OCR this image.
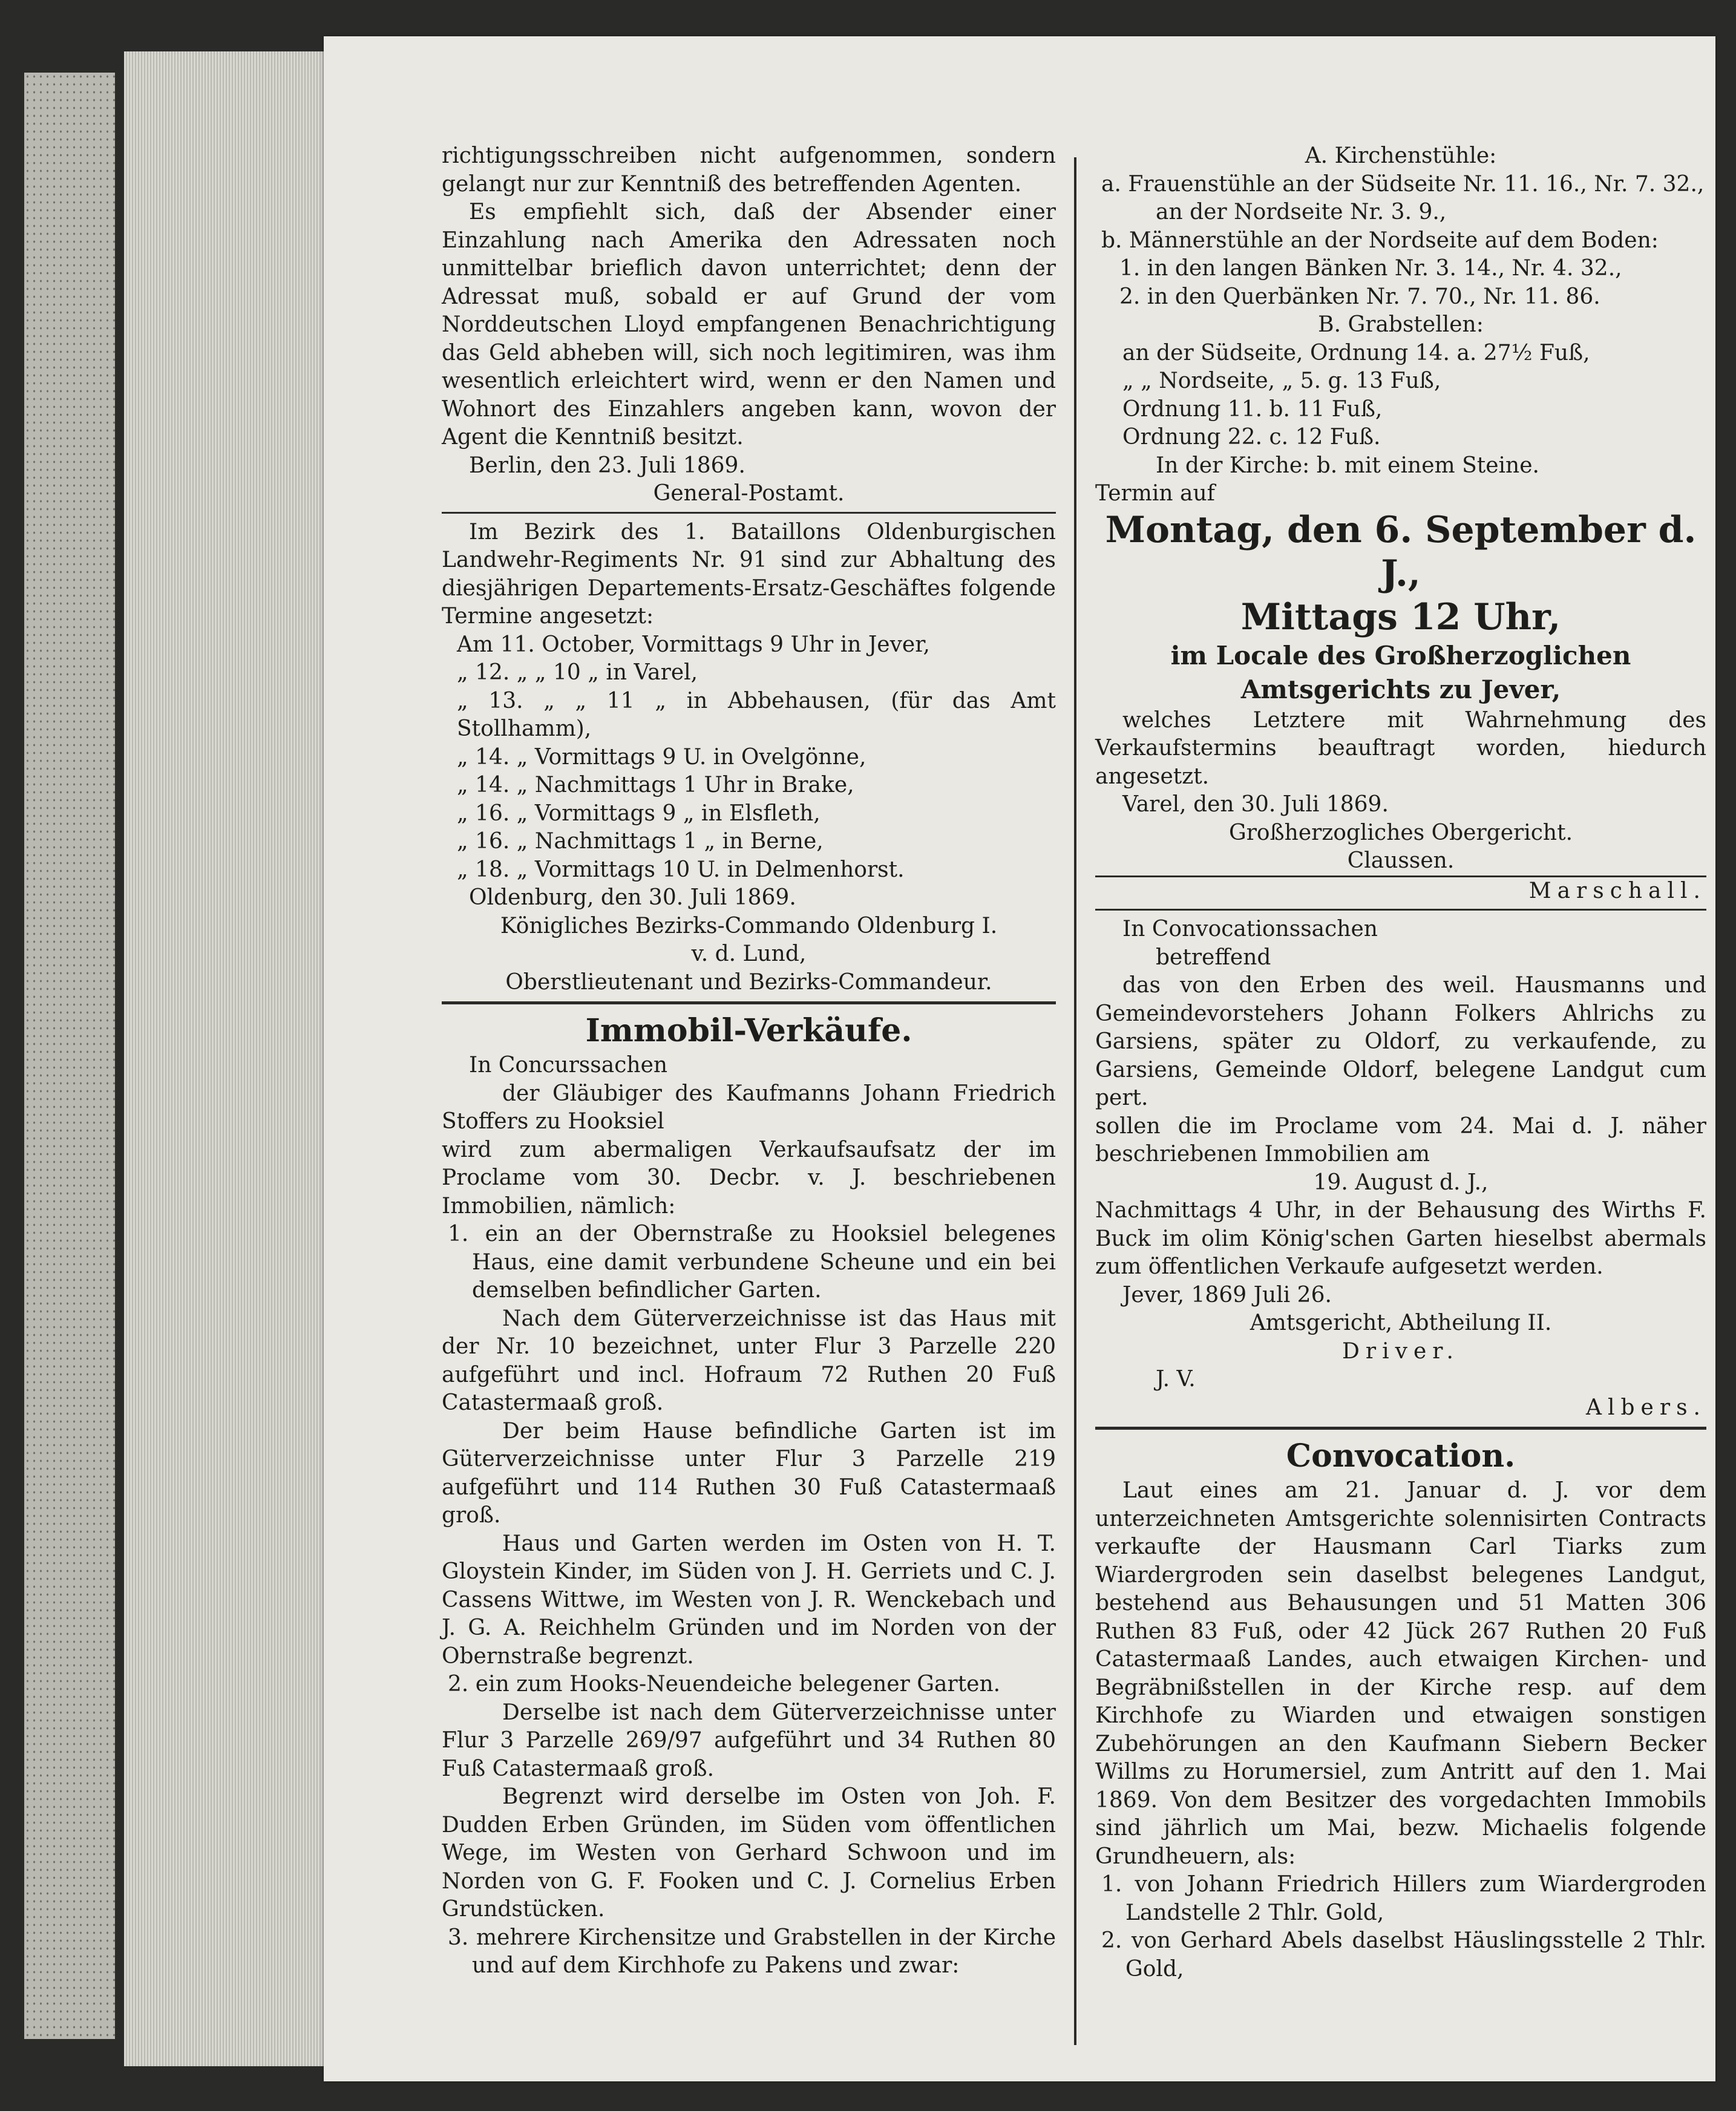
richtigungsschreiben nicht aufgenommen, sondern gelangt nur zur Kenntniß des betreffenden Agenten.

Es empfiehlt sich, daß der Absender einer Einzahlung nach Amerika den Adressaten noch unmittelbar brieflich davon unterrichtet; denn der Adressat muß, sobald er auf Grund der vom Norddeutschen Lloyd empfangenen Benachrichtigung das Geld abheben will, sich noch legitimiren, was ihm wesentlich erleichtert wird, wenn er den Namen und Wohnort des Einzahlers angeben kann, wovon der Agent die Kenntniß besitzt.

Berlin, den 23. Juli 1869.

General-Postamt.

Im Bezirk des 1. Bataillons Oldenburgischen Landwehr-Regiments Nr. 91 sind zur Abhaltung des diesjährigen Departements-Ersatz-Geschäftes folgende Termine angesetzt:

Am 11. October, Vormittags 9 Uhr in Jever,

„ 12. „ „ 10 „ in Varel,

„ 13. „ „ 11 „ in Abbehausen, (für das Amt Stollhamm),

„ 14. „ Vormittags 9 U. in Ovelgönne,

„ 14. „ Nachmittags 1 Uhr in Brake,

„ 16. „ Vormittags 9 „ in Elsfleth,

„ 16. „ Nachmittags 1 „ in Berne,

„ 18. „ Vormittags 10 U. in Delmenhorst.

Oldenburg, den 30. Juli 1869.

Königliches Bezirks-Commando Oldenburg I.

v. d. Lund,

Oberstlieutenant und Bezirks-Commandeur.

Immobil-Verkäufe.

In Concurssachen

der Gläubiger des Kaufmanns Johann Friedrich Stoffers zu Hooksiel

wird zum abermaligen Verkaufsaufsatz der im Proclame vom 30. Decbr. v. J. beschriebenen Immobilien, nämlich:

1. ein an der Obernstraße zu Hooksiel belegenes Haus, eine damit verbundene Scheune und ein bei demselben befindlicher Garten.

Nach dem Güterverzeichnisse ist das Haus mit der Nr. 10 bezeichnet, unter Flur 3 Parzelle 220 aufgeführt und incl. Hofraum 72 Ruthen 20 Fuß Catastermaaß groß.

Der beim Hause befindliche Garten ist im Güterverzeichnisse unter Flur 3 Parzelle 219 aufgeführt und 114 Ruthen 30 Fuß Catastermaaß groß.

Haus und Garten werden im Osten von H. T. Gloystein Kinder, im Süden von J. H. Gerriets und C. J. Cassens Wittwe, im Westen von J. R. Wenckebach und J. G. A. Reichhelm Gründen und im Norden von der Obernstraße begrenzt.

2. ein zum Hooks-Neuendeiche belegener Garten.

Derselbe ist nach dem Güterverzeichnisse unter Flur 3 Parzelle 269/97 aufgeführt und 34 Ruthen 80 Fuß Catastermaaß groß.

Begrenzt wird derselbe im Osten von Joh. F. Dudden Erben Gründen, im Süden vom öffentlichen Wege, im Westen von Gerhard Schwoon und im Norden von G. F. Fooken und C. J. Cornelius Erben Grundstücken.

3. mehrere Kirchensitze und Grabstellen in der Kirche und auf dem Kirchhofe zu Pakens und zwar:

A. Kirchenstühle:

a. Frauenstühle an der Südseite Nr. 11. 16., Nr. 7. 32.,

an der Nordseite Nr. 3. 9.,

b. Männerstühle an der Nordseite auf dem Boden:

1. in den langen Bänken Nr. 3. 14., Nr. 4. 32.,

2. in den Querbänken Nr. 7. 70., Nr. 11. 86.

B. Grabstellen:

an der Südseite, Ordnung 14. a. 27½ Fuß,

„ „ Nordseite, „ 5. g. 13 Fuß,

Ordnung 11. b. 11 Fuß,

Ordnung 22. c. 12 Fuß.

In der Kirche: b. mit einem Steine.

Termin auf

Montag, den 6. September d. J.,
Mittags 12 Uhr,
im Locale des Großherzoglichen Amtsgerichts zu Jever,

welches Letztere mit Wahrnehmung des Verkaufstermins beauftragt worden, hiedurch angesetzt.

Varel, den 30. Juli 1869.

Großherzogliches Obergericht.

Claussen.

Marschall.

In Convocationssachen

betreffend

das von den Erben des weil. Hausmanns und Gemeindevorstehers Johann Folkers Ahlrichs zu Garsiens, später zu Oldorf, zu verkaufende, zu Garsiens, Gemeinde Oldorf, belegene Landgut cum pert.

sollen die im Proclame vom 24. Mai d. J. näher beschriebenen Immobilien am

19. August d. J.,

Nachmittags 4 Uhr, in der Behausung des Wirths F. Buck im olim König'schen Garten hieselbst abermals zum öffentlichen Verkaufe aufgesetzt werden.

Jever, 1869 Juli 26.

Amtsgericht, Abtheilung II.

Driver.

J. V.

Albers.

Convocation.

Laut eines am 21. Januar d. J. vor dem unterzeichneten Amtsgerichte solennisirten Contracts verkaufte der Hausmann Carl Tiarks zum Wiardergroden sein daselbst belegenes Landgut, bestehend aus Behausungen und 51 Matten 306 Ruthen 83 Fuß, oder 42 Jück 267 Ruthen 20 Fuß Catastermaaß Landes, auch etwaigen Kirchen- und Begräbnißstellen in der Kirche resp. auf dem Kirchhofe zu Wiarden und etwaigen sonstigen Zubehörungen an den Kaufmann Siebern Becker Willms zu Horumersiel, zum Antritt auf den 1. Mai 1869. Von dem Besitzer des vorgedachten Immobils sind jährlich um Mai, bezw. Michaelis folgende Grundheuern, als:

1. von Johann Friedrich Hillers zum Wiardergroden Landstelle 2 Thlr. Gold,

2. von Gerhard Abels daselbst Häuslingsstelle 2 Thlr. Gold,
